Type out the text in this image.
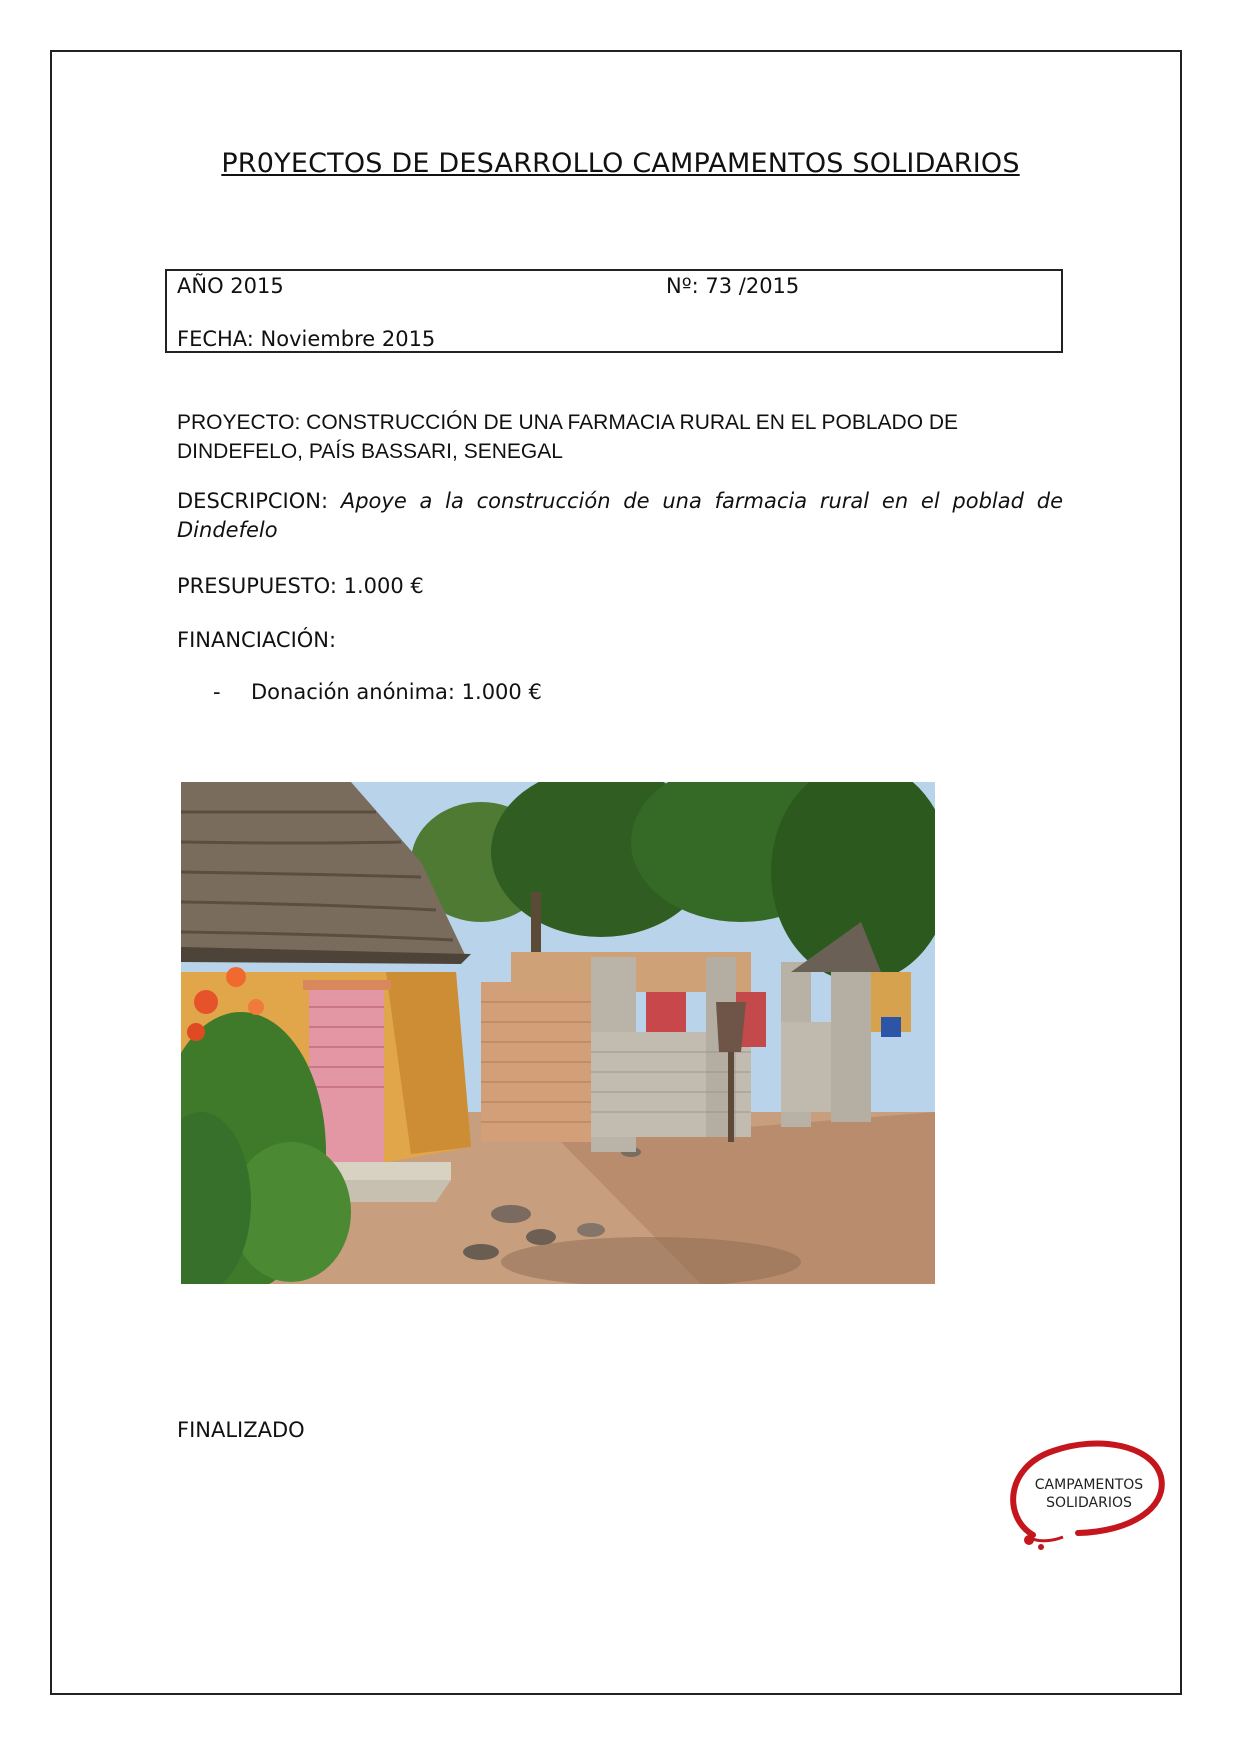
PR0YECTOS DE DESARROLLO CAMPAMENTOS SOLIDARIOS
AÑO 2015	Nº: 73 /2015
FECHA: Noviembre 2015
PROYECTO: CONSTRUCCIÓN DE UNA FARMACIA RURAL EN EL POBLADO DE DINDEFELO, PAÍS BASSARI, SENEGAL
DESCRIPCION: Apoye a la construcción de una farmacia rural en el poblad de Dindefelo
PRESUPUESTO: 1.000 €
FINANCIACIÓN:
- Donación anónima: 1.000 €
FINALIZADO
CAMPAMENTOS
SOLIDARIOS
